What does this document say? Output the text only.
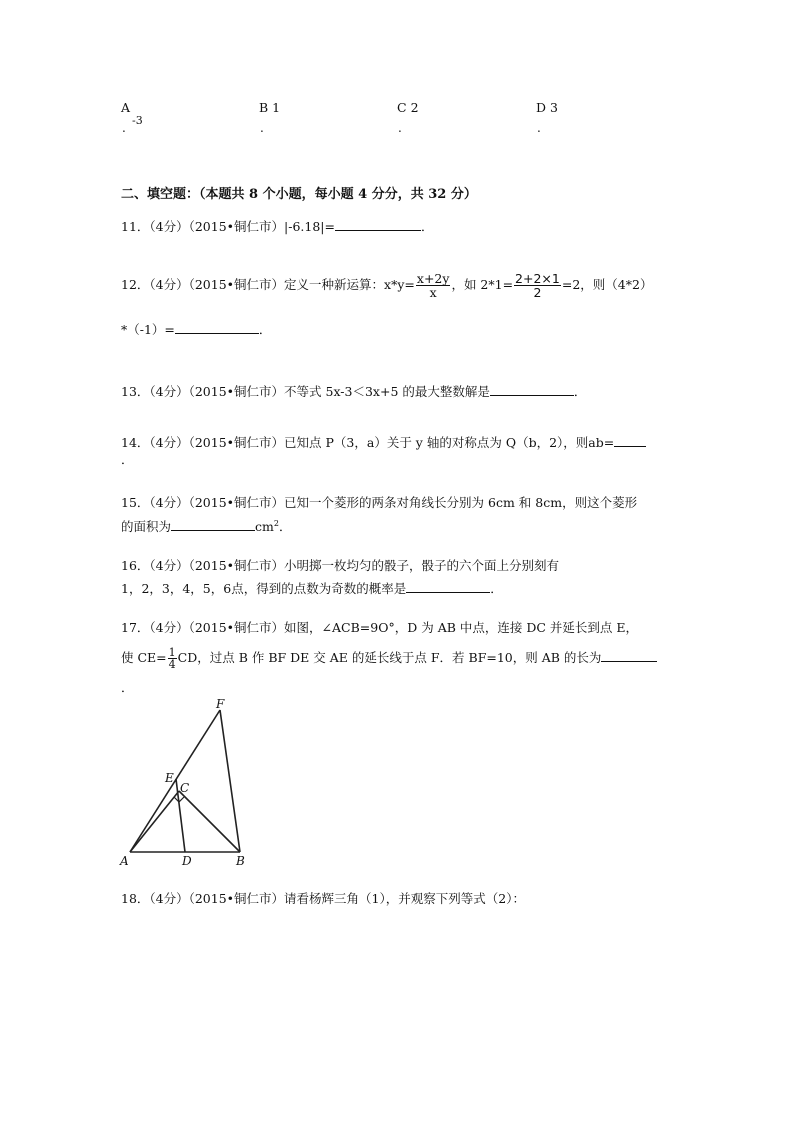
A
-3
.
B 1
.
C 2
.
D 3
.
二、填空题：（本题共 8 个小题，每小题 4 分分，共 32 分）
11．（4分）（2015•铜仁市）|-6.18|=	．
12．（4分）（2015•铜仁市）定义一种新运算：$x*y= \frac{x+2y}{x}$ ，如 $2*1= \frac{2+2\times 1}{2} =2$，则（4*2）
*（-1）=	．
13．（4分）（2015•铜仁市）不等式 5x-3＜3x+5 的最大整数解是	．
14．（4分）（2015•铜仁市）已知点 P（3，a）关于 y 轴的对称点为 Q（b，2），则ab=
．
15．（4分）（2015•铜仁市）已知一个菱形的两条对角线长分别为 6cm 和 8cm，则这个菱形
的面积为	$cm^2$．
16．（4分）（2015•铜仁市）小明掷一枚均匀的骰子，骰子的六个面上分别刻有
1，2，3，4，5，6点，得到的点数为奇数的概率是	．
17．（4分）（2015•铜仁市）如图，∠ACB=9O°，D 为 AB 中点，连接 DC 并延长到点 E，
使 $CE= \frac{1}{4}$ CD，过点 B 作 BF DE 交 AE 的延长线于点 F．若 BF=10，则 AB 的长为
．
F
E
C
A	D	B
18．（4分）（2015•铜仁市）请看杨辉三角（1），并观察下列等式（2）：
